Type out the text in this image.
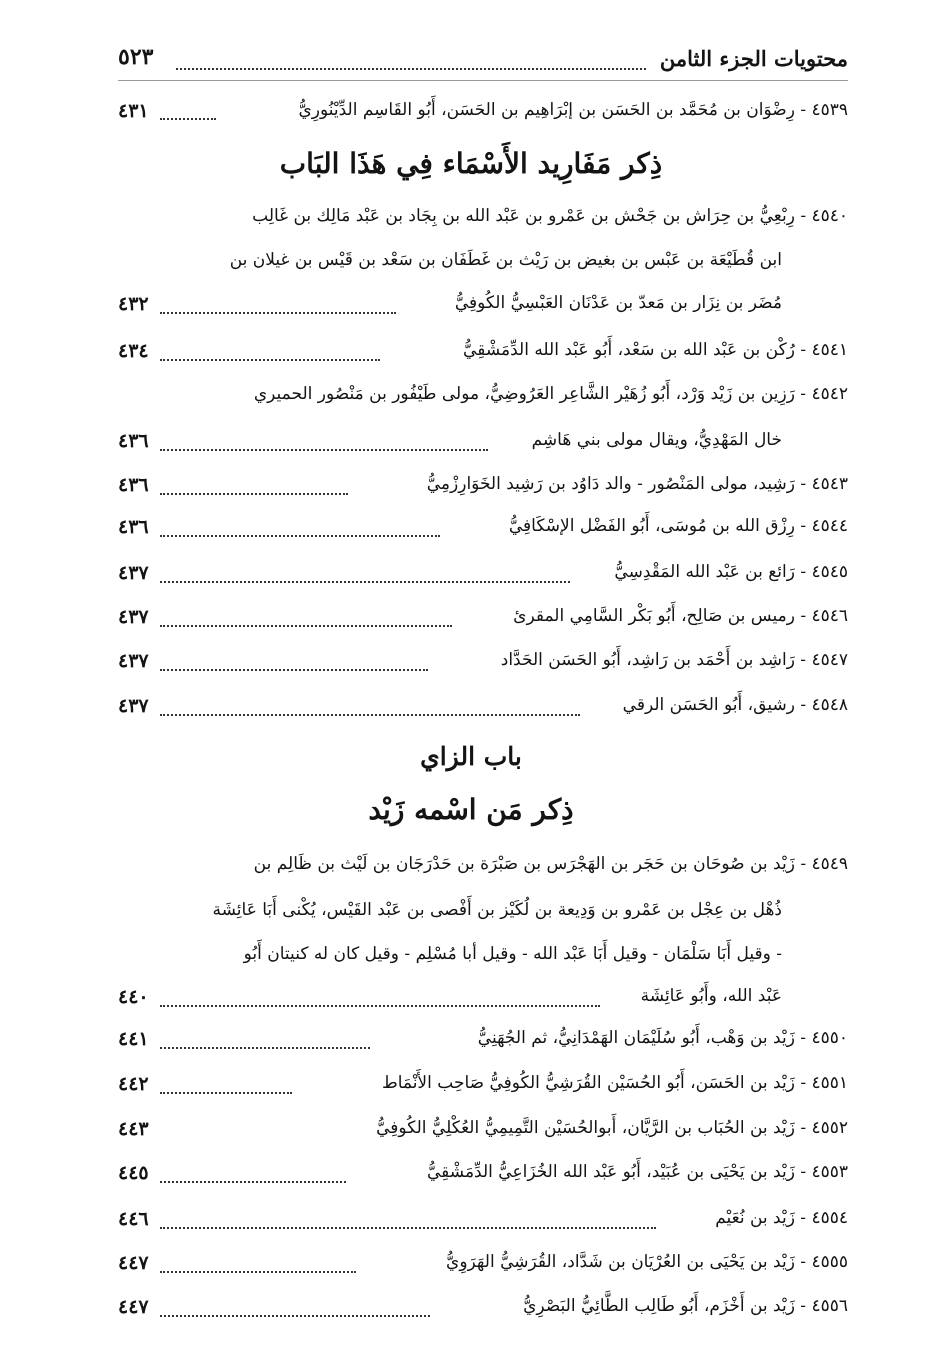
محتويات الجزء الثامن
٥٢٣
٤٥٣٩ - رِضْوَان بن مُحَمَّد بن الحَسَن بن إبْرَاهِيم بن الحَسَن، أَبُو القَاسِم الدِّيْنُورِيُّ
٤٣١
ذِكر مَفَارِيد الأَسْمَاء فِي هَذَا البَاب
٤٥٤٠ - رِبْعِيُّ بن حِرَاش بن جَحْش بن عَمْرو بن عَبْد الله بن بِجَاد بن عَبْد مَالِك بن غَالِب
ابن قُطَيْعَة بن عَبْس بن بغيض بن رَيْث بن غَطَفَان بن سَعْد بن قَيْس بن غيلان بن
مُضَر بن نِزَار بن مَعدّ بن عَدْنَان العَبْسِيُّ الكُوفِيُّ
٤٣٢
٤٥٤١ - رُكْن بن عَبْد الله بن سَعْد، أَبُو عَبْد الله الدِّمَشْقِيُّ
٤٣٤
٤٥٤٢ - رَزِين بن زَيْد وَرْد، أَبُو زُهَيْر الشَّاعِر العَرُوضِيُّ، مولى طَيْفُور بن مَنْصُور الحميري
خال المَهْدِيُّ، ويقال مولى بني هَاشِم
٤٣٦
٤٥٤٣ - رَشِيد، مولى المَنْصُور - والد دَاوُد بن رَشِيد الخَوَارِزْمِيُّ
٤٣٦
٤٥٤٤ - رِزْق الله بن مُوسَى، أَبُو الفَضْل الإسْكَافِيُّ
٤٣٦
٤٥٤٥ - رَائع بن عَبْد الله المَقْدِسِيُّ
٤٣٧
٤٥٤٦ - رميس بن صَالِح، أَبُو بَكْر السَّامِي المقرئ
٤٣٧
٤٥٤٧ - رَاشِد بن أَحْمَد بن رَاشِد، أَبُو الحَسَن الحَدَّاد
٤٣٧
٤٥٤٨ - رشيق، أَبُو الحَسَن الرقي
٤٣٧
باب الزاي
ذِكر مَن اسْمه زَيْد
٤٥٤٩ - زَيْد بن صُوحَان بن حَجَر بن الهَجْرَس بن صَبْرَة بن حَدْرَجَان بن لَيْث بن ظَالِم بن
ذُهْل بن عِجْل بن عَمْرو بن وَدِيعة بن لُكَيْز بن أَفْصى بن عَبْد القَيْس، يُكْنى أَبَا عَائِشَة
- وقيل أَبَا سَلْمَان - وقيل أَبَا عَبْد الله - وقيل أبا مُسْلِم - وقيل كان له كنيتان أَبُو
عَبْد الله، وأَبُو عَائِشَة
٤٤٠
٤٥٥٠ - زَيْد بن وَهْب، أَبُو سُلَيْمَان الهَمْدَانِيُّ، ثم الجُهَنِيُّ
٤٤١
٤٥٥١ - زَيْد بن الحَسَن، أَبُو الحُسَيْن القُرَشِيُّ الكُوفِيُّ صَاحِب الأَنْمَاط
٤٤٢
٤٥٥٢ - زَيْد بن الحُبَاب بن الرَّيَّان، أَبوالحُسَيْن التَّمِيمِيُّ العُكْلِيُّ الكُوفِيُّ
٤٤٣
٤٥٥٣ - زَيْد بن يَحْيَى بن عُبَيْد، أَبُو عَبْد الله الخُزَاعِيُّ الدِّمَشْقِيُّ
٤٤٥
٤٥٥٤ - زَيْد بن نُعَيْم
٤٤٦
٤٥٥٥ - زَيْد بن يَحْيَى بن العُرْيَان بن شَدَّاد، القُرَشِيُّ الهَرَوِيُّ
٤٤٧
٤٥٥٦ - زَيْد بن أَخْزَم، أَبُو طَالِب الطَّائِيُّ البَصْرِيُّ
٤٤٧
